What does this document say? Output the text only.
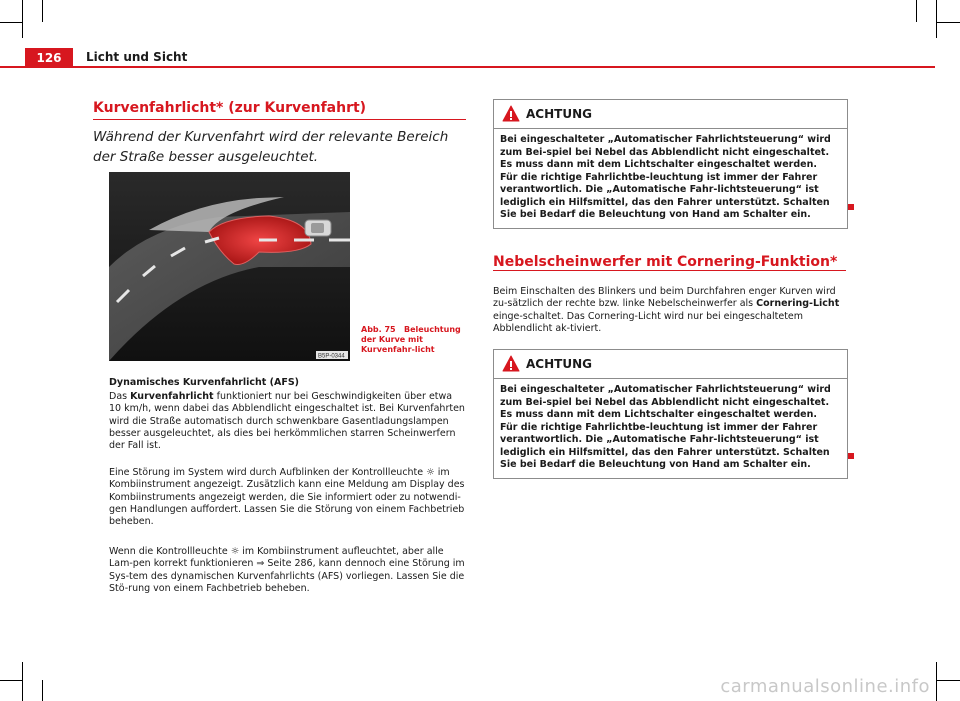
126	Licht und Sicht
Kurvenfahrlicht* (zur Kurvenfahrt)
Während der Kurvenfahrt wird der relevante Bereich der Straße besser ausgeleuchtet.
B5P-0344
Abb. 75 Beleuchtung der Kurve mit Kurvenfahr-licht
Dynamisches Kurvenfahrlicht (AFS)
Das Kurvenfahrlicht funktioniert nur bei Geschwindigkeiten über etwa 10 km/h, wenn dabei das Abblendlicht eingeschaltet ist. Bei Kurvenfahrten wird die Straße automatisch durch schwenkbare Gasentladungslampen besser ausgeleuchtet, als dies bei herkömmlichen starren Scheinwerfern der Fall ist.
Eine Störung im System wird durch Aufblinken der Kontrollleuchte ☼ im Kombiinstrument angezeigt. Zusätzlich kann eine Meldung am Display des Kombiinstruments angezeigt werden, die Sie informiert oder zu notwendi-gen Handlungen auffordert. Lassen Sie die Störung von einem Fachbetrieb beheben.
Wenn die Kontrollleuchte ☼ im Kombiinstrument aufleuchtet, aber alle Lam-pen korrekt funktionieren ⇒ Seite 286, kann dennoch eine Störung im Sys-tem des dynamischen Kurvenfahrlichts (AFS) vorliegen. Lassen Sie die Stö-rung von einem Fachbetrieb beheben.
ACHTUNG
Bei eingeschalteter „Automatischer Fahrlichtsteuerung“ wird zum Bei-spiel bei Nebel das Abblendlicht nicht eingeschaltet. Es muss dann mit dem Lichtschalter eingeschaltet werden. Für die richtige Fahrlichtbe-leuchtung ist immer der Fahrer verantwortlich. Die „Automatische Fahr-lichtsteuerung“ ist lediglich ein Hilfsmittel, das den Fahrer unterstützt. Schalten Sie bei Bedarf die Beleuchtung von Hand am Schalter ein.
Nebelscheinwerfer mit Cornering-Funktion*
Beim Einschalten des Blinkers und beim Durchfahren enger Kurven wird zu-sätzlich der rechte bzw. linke Nebelscheinwerfer als Cornering-Licht einge-schaltet. Das Cornering-Licht wird nur bei eingeschaltetem Abblendlicht ak-tiviert.
ACHTUNG
Bei eingeschalteter „Automatischer Fahrlichtsteuerung“ wird zum Bei-spiel bei Nebel das Abblendlicht nicht eingeschaltet. Es muss dann mit dem Lichtschalter eingeschaltet werden. Für die richtige Fahrlichtbe-leuchtung ist immer der Fahrer verantwortlich. Die „Automatische Fahr-lichtsteuerung“ ist lediglich ein Hilfsmittel, das den Fahrer unterstützt. Schalten Sie bei Bedarf die Beleuchtung von Hand am Schalter ein.
carmanualsonline.info
